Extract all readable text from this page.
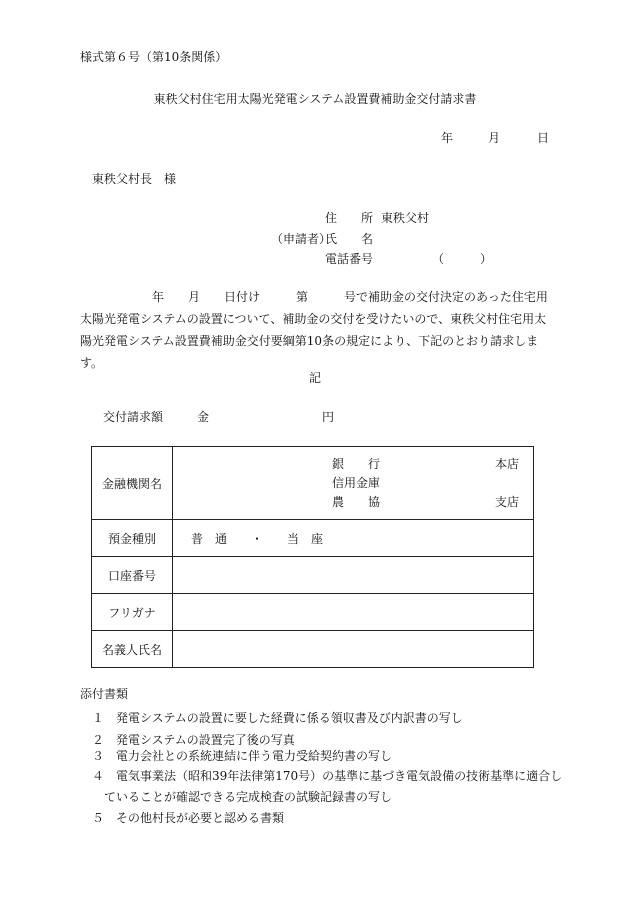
様式第６号（第10条関係）
東秩父村住宅用太陽光発電システム設置費補助金交付請求書
年	月	日
東秩父村長　様
住　　所 東秩父村
（申請者）
氏　　名
電話番号	（　　　）

年　　月　　日付け　　　第　　　号で補助金の交付決定のあった住宅用太陽光発電システムの設置について、補助金の交付を受けたいので、東秩父村住宅用太陽光発電システム設置費補助金交付要綱第10条の規定により、下記のとおり請求します。

記
交付請求額	金	円
金融機関名	銀　　行
信用金庫
農　　協
本店
支店

預金種別	普　通　　・　　当　座
口座番号	
フリガナ	
名義人氏名	
添付書類
１　発電システムの設置に要した経費に係る領収書及び内訳書の写し
２　発電システムの設置完了後の写真
３　電力会社との系統連結に伴う電力受給契約書の写し
４　電気事業法（昭和39年法律第170号）の基準に基づき電気設備の技術基準に適合し
ていることが確認できる完成検査の試験記録書の写し
５　その他村長が必要と認める書類
